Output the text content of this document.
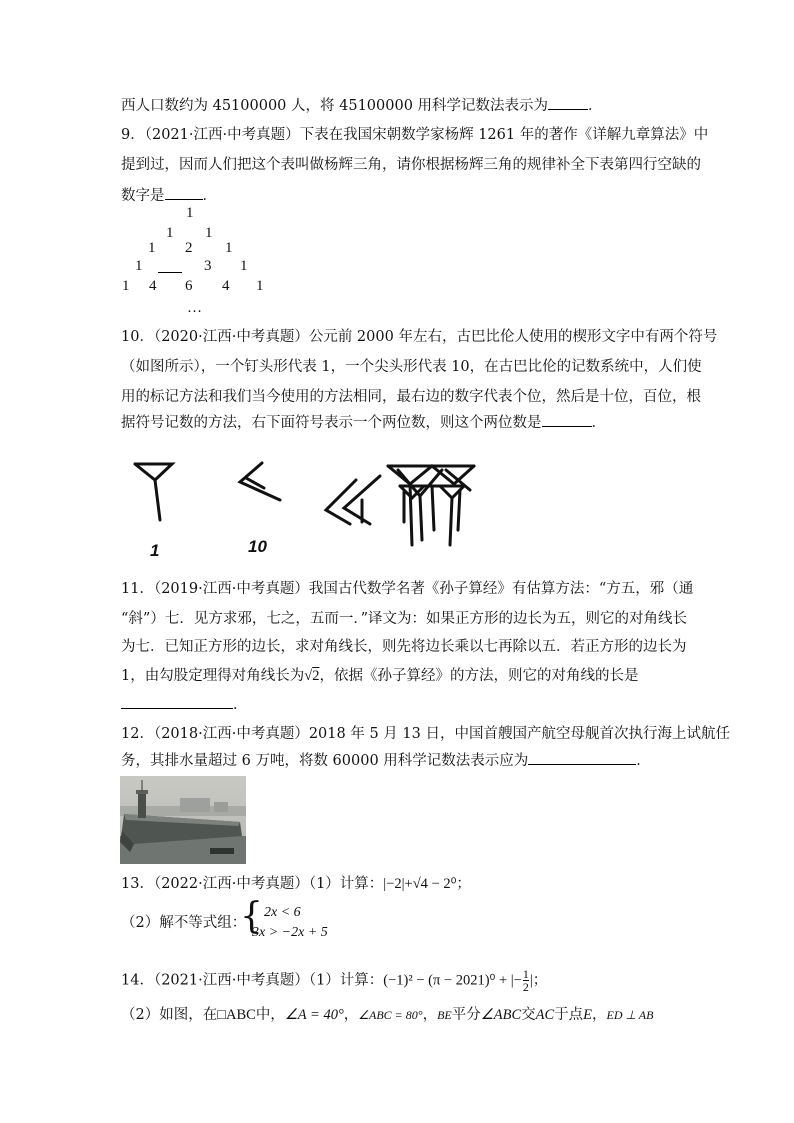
西人口数约为 45100000 人，将 45100000 用科学记数法表示为	．
9．（2021·江西·中考真题）下表在我国宋朝数学家杨辉 1261 年的著作《详解九章算法》中
提到过，因而人们把这个表叫做杨辉三角，请你根据杨辉三角的规律补全下表第四行空缺的
数字是	．
1
1 1
1 2 1
1	3 1
1 4 6 4 1
…
10．（2020·江西·中考真题）公元前 2000 年左右，古巴比伦人使用的楔形文字中有两个符号
（如图所示），一个钉头形代表 1，一个尖头形代表 10，在古巴比伦的记数系统中，人们使
用的标记方法和我们当今使用的方法相同，最右边的数字代表个位，然后是十位，百位，根
据符号记数的方法，右下面符号表示一个两位数，则这个两位数是	．
1	10
11．（2019·江西·中考真题）我国古代数学名著《孙子算经》有估算方法：“方五，邪（通
“斜”）七．见方求邪，七之，五而一．”译文为：如果正方形的边长为五，则它的对角线长
为七．已知正方形的边长，求对角线长，则先将边长乘以七再除以五．若正方形的边长为
1，由勾股定理得对角线长为√2，依据《孙子算经》的方法，则它的对角线的长是
．
12．（2018·江西·中考真题）2018 年 5 月 13 日，中国首艘国产航空母舰首次执行海上试航任
务，其排水量超过 6 万吨，将数 60000 用科学记数法表示应为	．
13．（2022·江西·中考真题）（1）计算：|−2|+√4 − 2⁰；
（2）解不等式组：
{ 2x < 6
3x > −2x + 5
14．（2021·江西·中考真题）（1）计算：(−1)² − (π − 2021)⁰ + |− $\frac{1}{2}$ |；
（2）如图，在□ABC中，∠A = 40°，∠ABC = 80°，BE平分∠ABC交AC于点E，ED ⊥ AB
